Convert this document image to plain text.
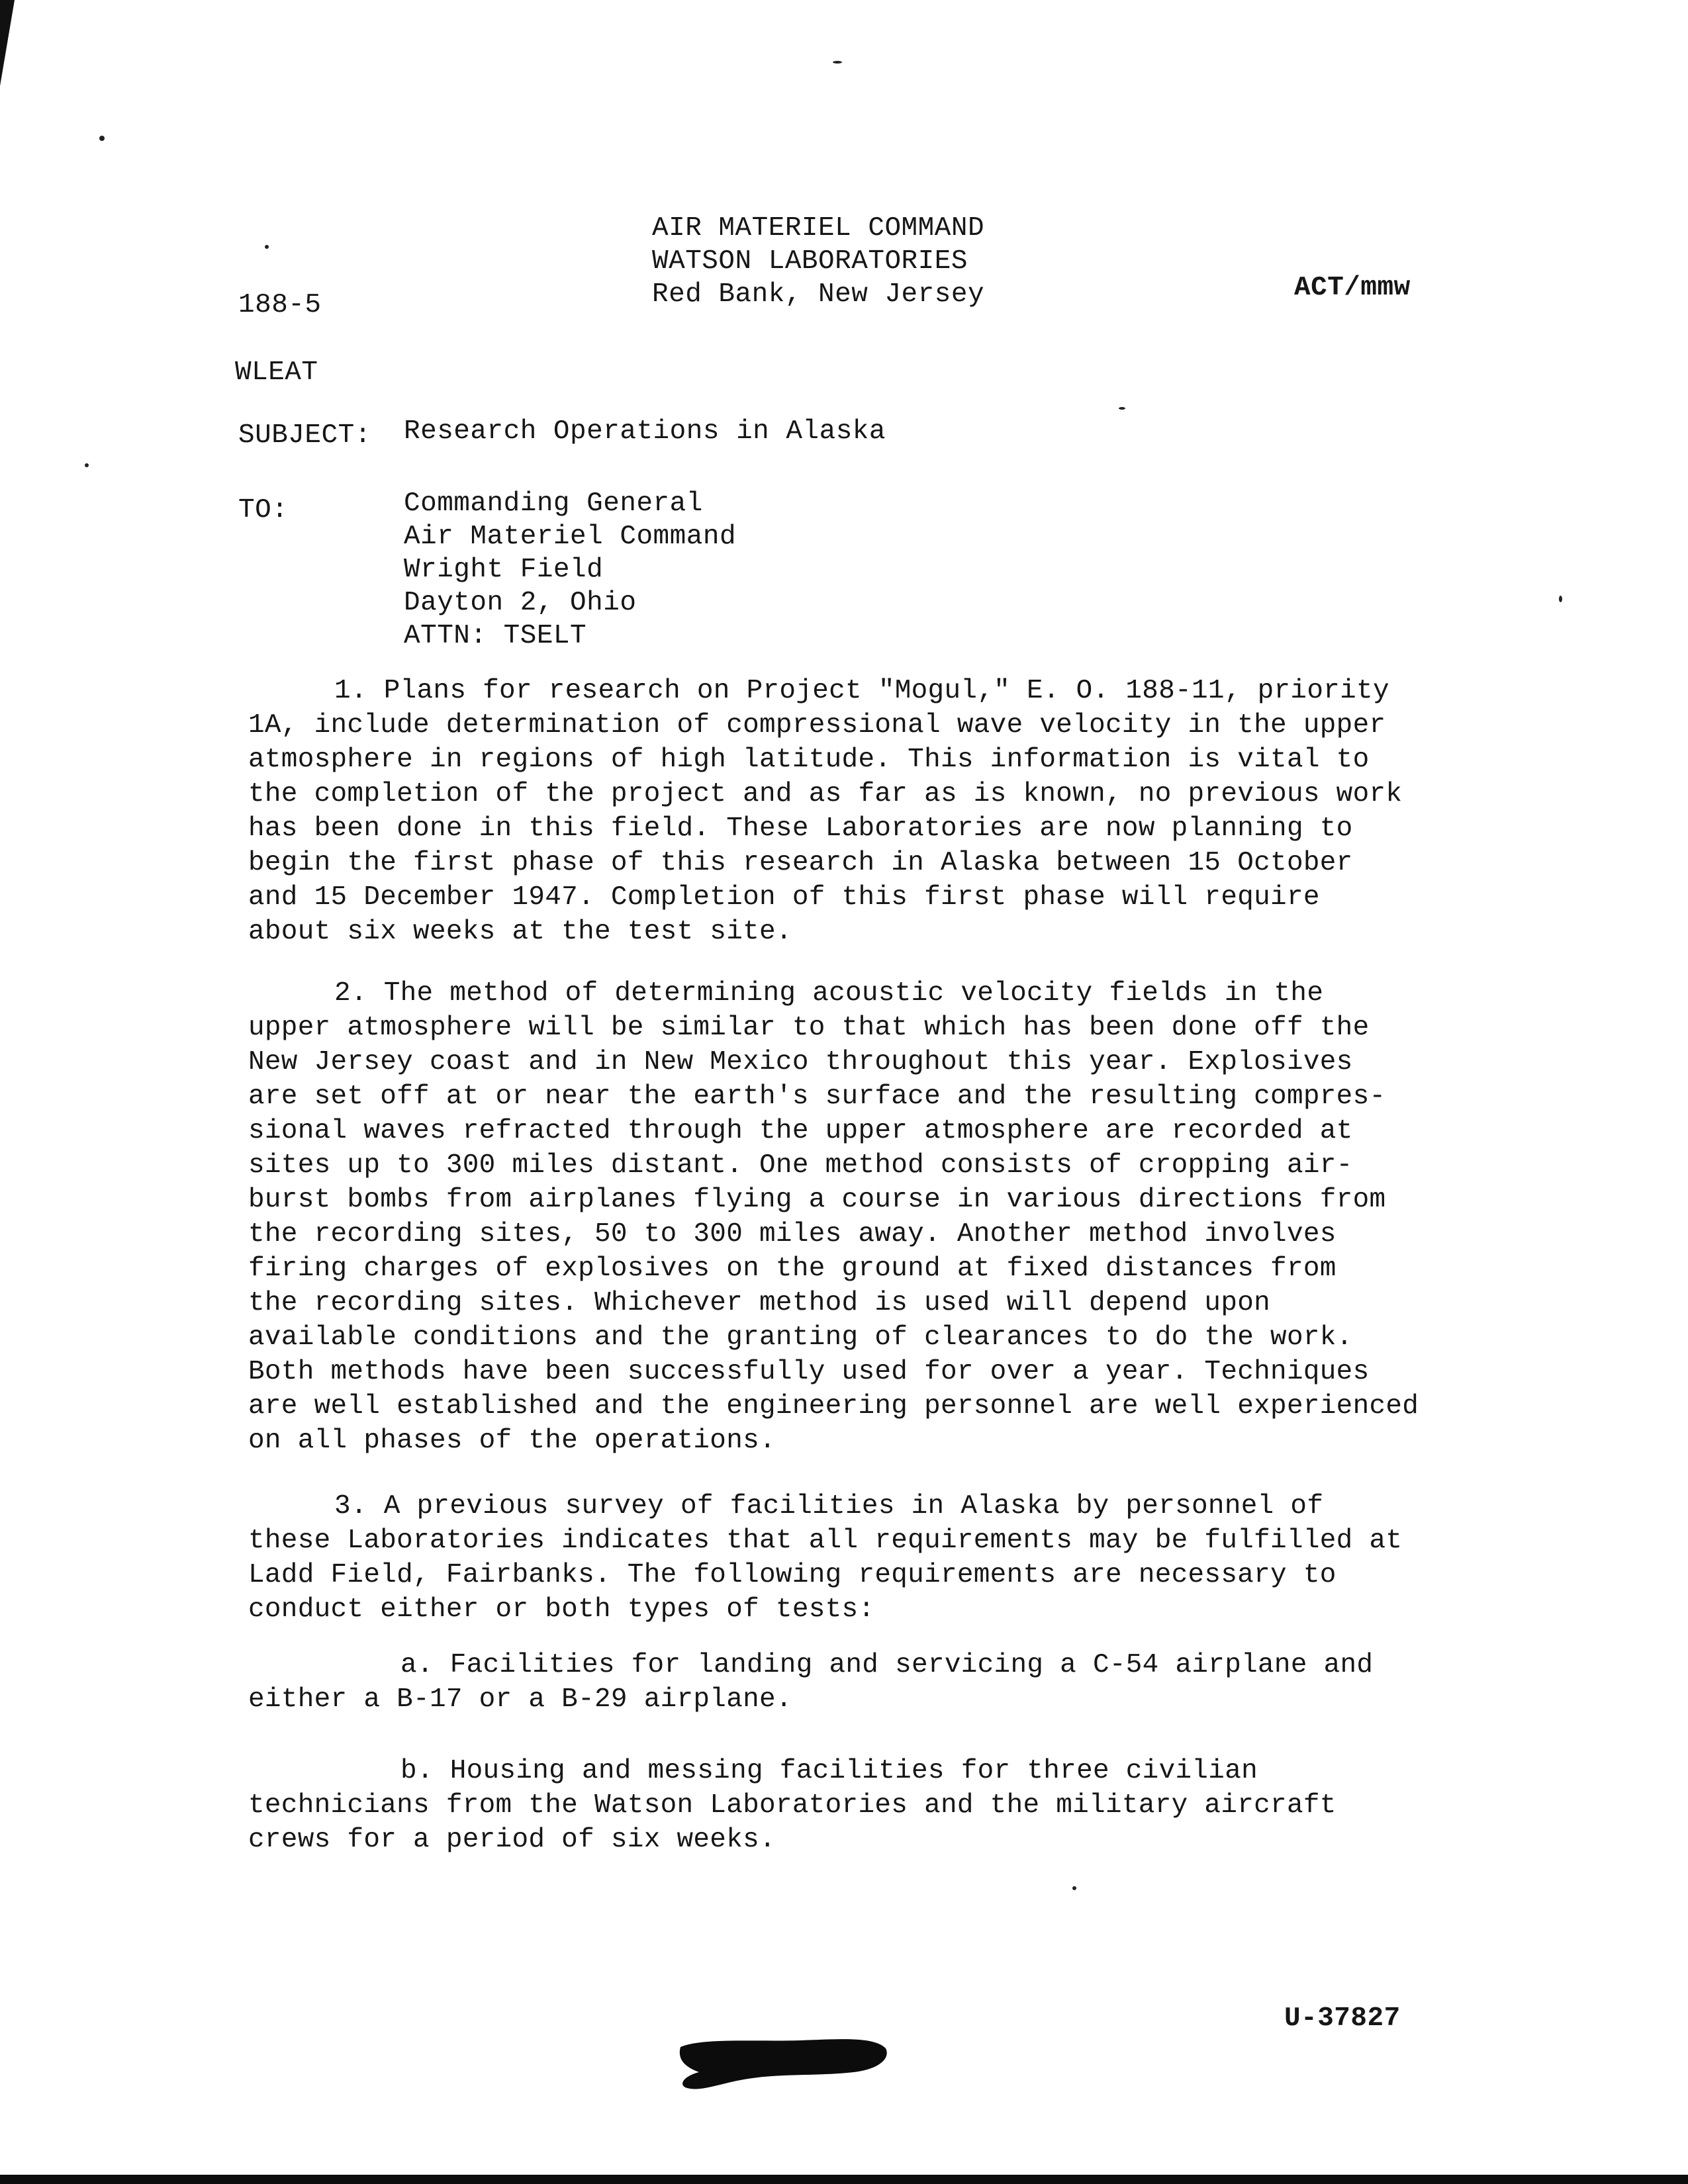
AIR MATERIEL COMMAND
WATSON LABORATORIES
Red Bank, New Jersey
188-5
ACT/mmw
WLEAT
SUBJECT: Research Operations in Alaska
TO:	Commanding General
Air Materiel Command
Wright Field
Dayton 2, Ohio
ATTN: TSELT
1. Plans for research on Project "Mogul," E. O. 188-11, priority
1A, include determination of compressional wave velocity in the upper
atmosphere in regions of high latitude. This information is vital to
the completion of the project and as far as is known, no previous work
has been done in this field. These Laboratories are now planning to
begin the first phase of this research in Alaska between 15 October
and 15 December 1947. Completion of this first phase will require
about six weeks at the test site.
2. The method of determining acoustic velocity fields in the
upper atmosphere will be similar to that which has been done off the
New Jersey coast and in New Mexico throughout this year. Explosives
are set off at or near the earth's surface and the resulting compres-
sional waves refracted through the upper atmosphere are recorded at
sites up to 300 miles distant. One method consists of cropping air-
burst bombs from airplanes flying a course in various directions from
the recording sites, 50 to 300 miles away. Another method involves
firing charges of explosives on the ground at fixed distances from
the recording sites. Whichever method is used will depend upon
available conditions and the granting of clearances to do the work.
Both methods have been successfully used for over a year. Techniques
are well established and the engineering personnel are well experienced
on all phases of the operations.
3. A previous survey of facilities in Alaska by personnel of
these Laboratories indicates that all requirements may be fulfilled at
Ladd Field, Fairbanks. The following requirements are necessary to
conduct either or both types of tests:
a. Facilities for landing and servicing a C-54 airplane and
either a B-17 or a B-29 airplane.
b. Housing and messing facilities for three civilian
technicians from the Watson Laboratories and the military aircraft
crews for a period of six weeks.
U-37827
